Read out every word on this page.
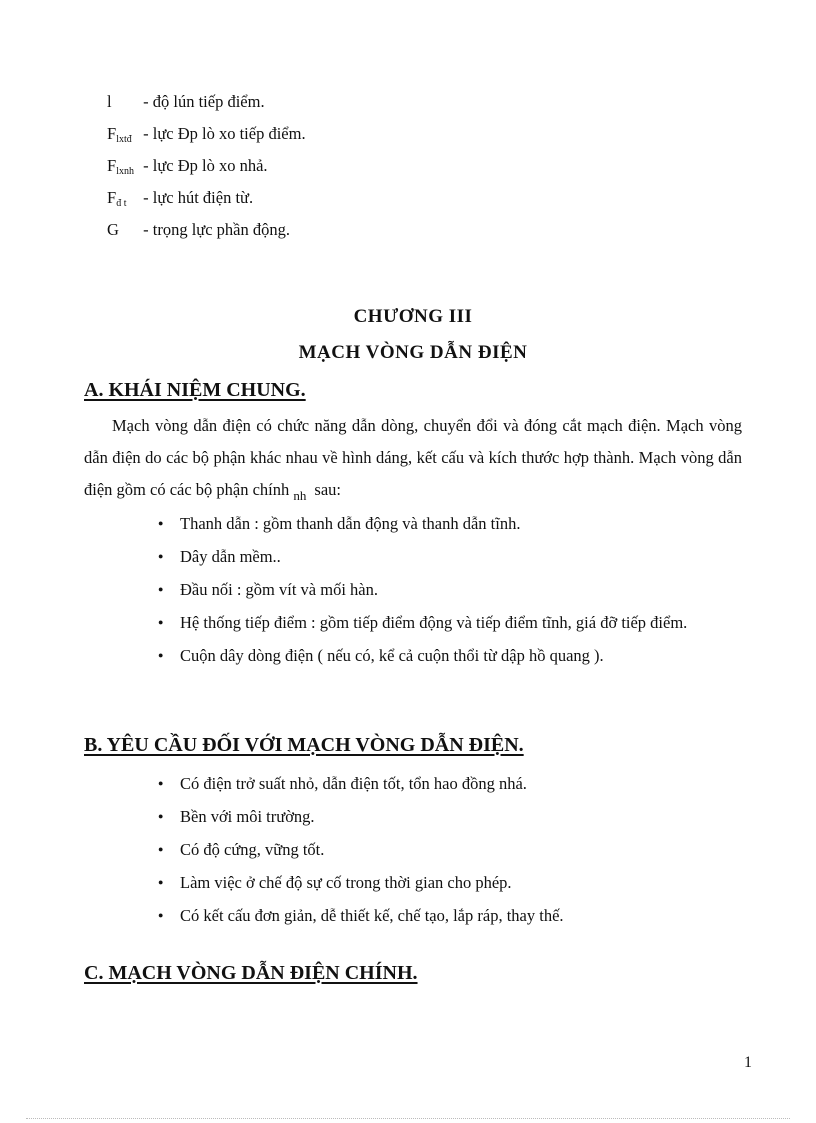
l - độ lún tiếp điểm.
$F_{lxtđ}$ - lực Đp lò xo tiếp điểm.
$F_{lxnh}$ - lực Đp lò xo nhả.
$F_{đ t}$ - lực hút điện từ.
G - trọng lực phần động.
CHƯƠNG III
MẠCH VÒNG DẪN ĐIỆN
A. KHÁI NIỆM CHUNG.
Mạch vòng dẫn điện có chức năng dẫn dòng, chuyển đổi và đóng cắt mạch điện. Mạch vòng dẫn điện do các bộ phận khác nhau về hình dáng, kết cấu và kích thước hợp thành. Mạch vòng dẫn điện gồm có các bộ phận chính $_{nh}$ sau:
● Thanh dẫn : gồm thanh dẫn động và thanh dẫn tĩnh.
● Dây dẫn mềm..
● Đầu nối : gồm vít và mối hàn.
● Hệ thống tiếp điểm : gồm tiếp điểm động và tiếp điểm tĩnh, giá đỡ tiếp điểm.
● Cuộn dây dòng điện ( nếu có, kể cả cuộn thổi từ dập hồ quang ).
B. YÊU CẦU ĐỐI VỚI MẠCH VÒNG DẪN ĐIỆN.
● Có điện trở suất nhỏ, dẫn điện tốt, tổn hao đồng nhá.
● Bền với môi trường.
● Có độ cứng, vững tốt.
● Làm việc ở chế độ sự cố trong thời gian cho phép.
● Có kết cấu đơn giản, dễ thiết kế, chế tạo, lắp ráp, thay thế.
C. MẠCH VÒNG DẪN ĐIỆN CHÍNH.
1
